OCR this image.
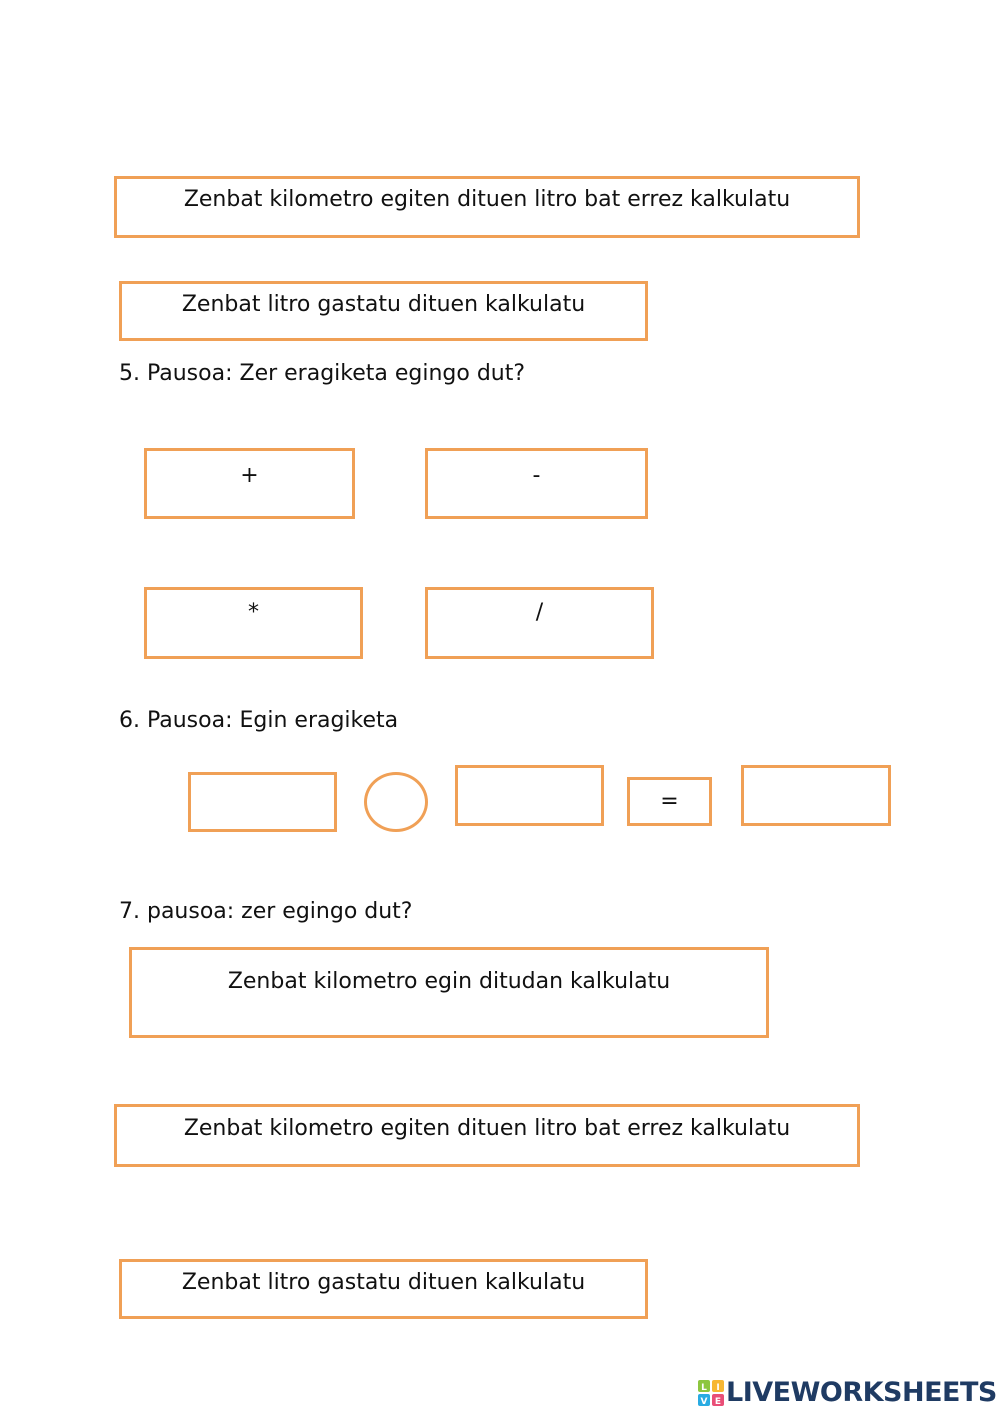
Zenbat kilometro egiten dituen litro bat errez kalkulatu
Zenbat litro gastatu dituen kalkulatu
5. Pausoa: Zer eragiketa egingo dut?
+	-
*	/
6. Pausoa: Egin eragiketa
=
7. pausoa: zer egingo dut?
Zenbat kilometro egin ditudan kalkulatu
Zenbat kilometro egiten dituen litro bat errez kalkulatu
Zenbat litro gastatu dituen kalkulatu
L I
V E LIVEWORKSHEETS
